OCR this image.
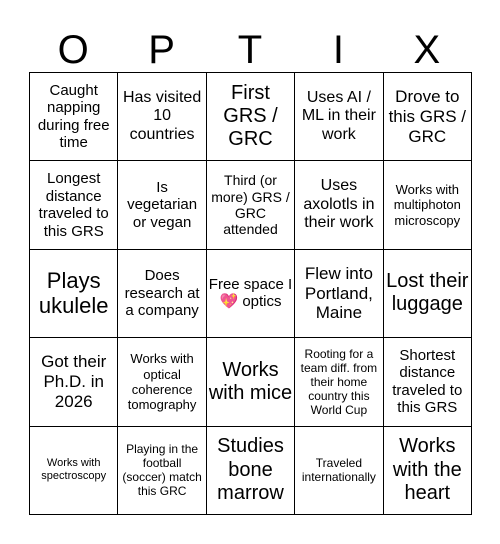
O	P	T	I	X
Caught napping during free time
Has visited 10 countries
First GRS / GRC
Uses AI / ML in their work
Drove to this GRS / GRC
Longest distance traveled to this GRS
Is vegetarian or vegan
Third (or more) GRS / GRC attended
Uses axolotls in their work
Works with multiphoton microscopy
Plays ukulele
Does research at a company
Free space I 💖 optics
Flew into Portland, Maine
Lost their luggage
Got their Ph.D. in 2026
Works with optical coherence tomography
Works with mice
Rooting for a team diff. from their home country this World Cup
Shortest distance traveled to this GRS
Works with spectroscopy
Playing in the football (soccer) match this GRC
Studies bone marrow
Traveled internationally
Works with the heart
